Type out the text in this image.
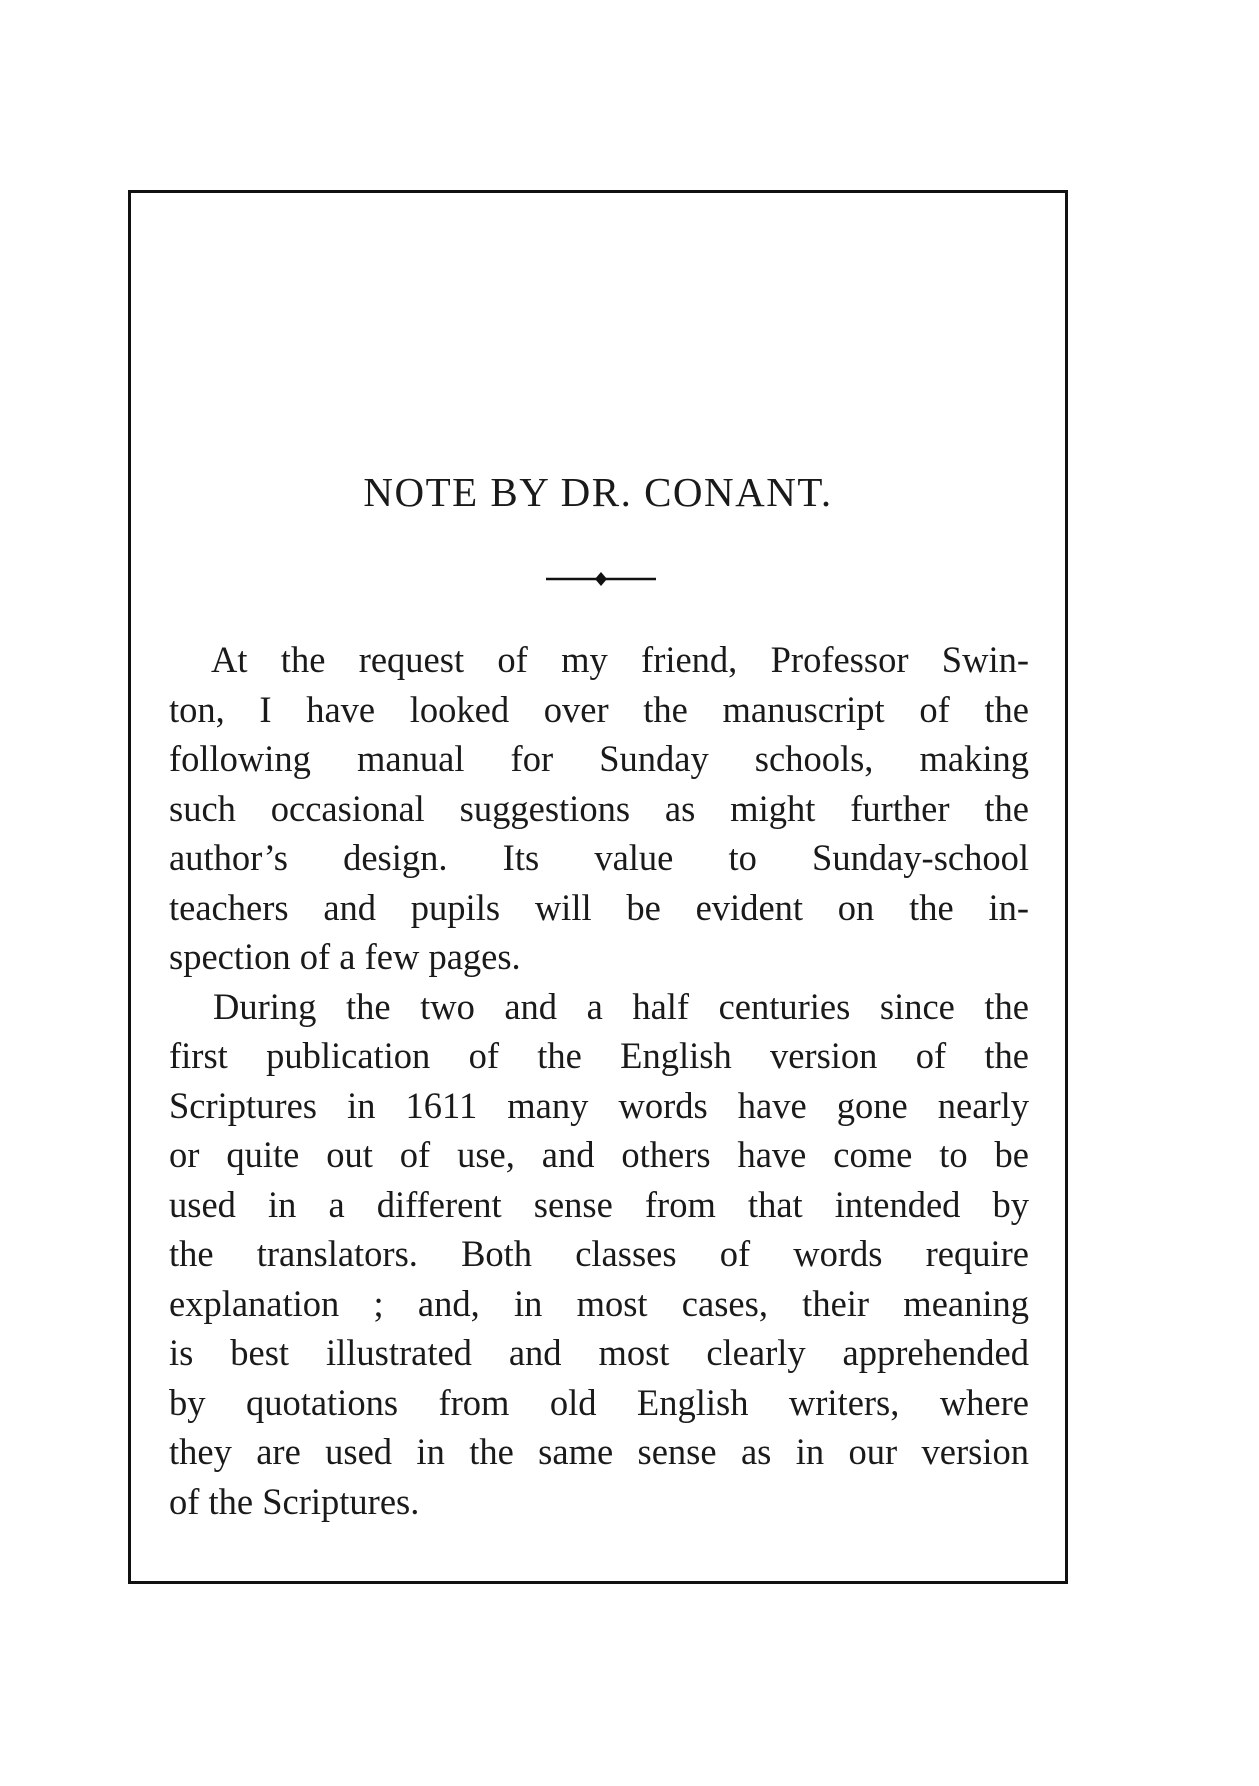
NOTE BY DR. CONANT.
At the request of my friend, Professor Swin-
ton, I have looked over the manuscript of the
following manual for Sunday schools, making
such occasional suggestions as might further the
author’s design. Its value to Sunday-school
teachers and pupils will be evident on the in-
spection of a few pages.
During the two and a half centuries since the
first publication of the English version of the
Scriptures in 1611 many words have gone nearly
or quite out of use, and others have come to be
used in a different sense from that intended by
the translators. Both classes of words require
explanation ; and, in most cases, their meaning
is best illustrated and most clearly apprehended
by quotations from old English writers, where
they are used in the same sense as in our version
of the Scriptures.
